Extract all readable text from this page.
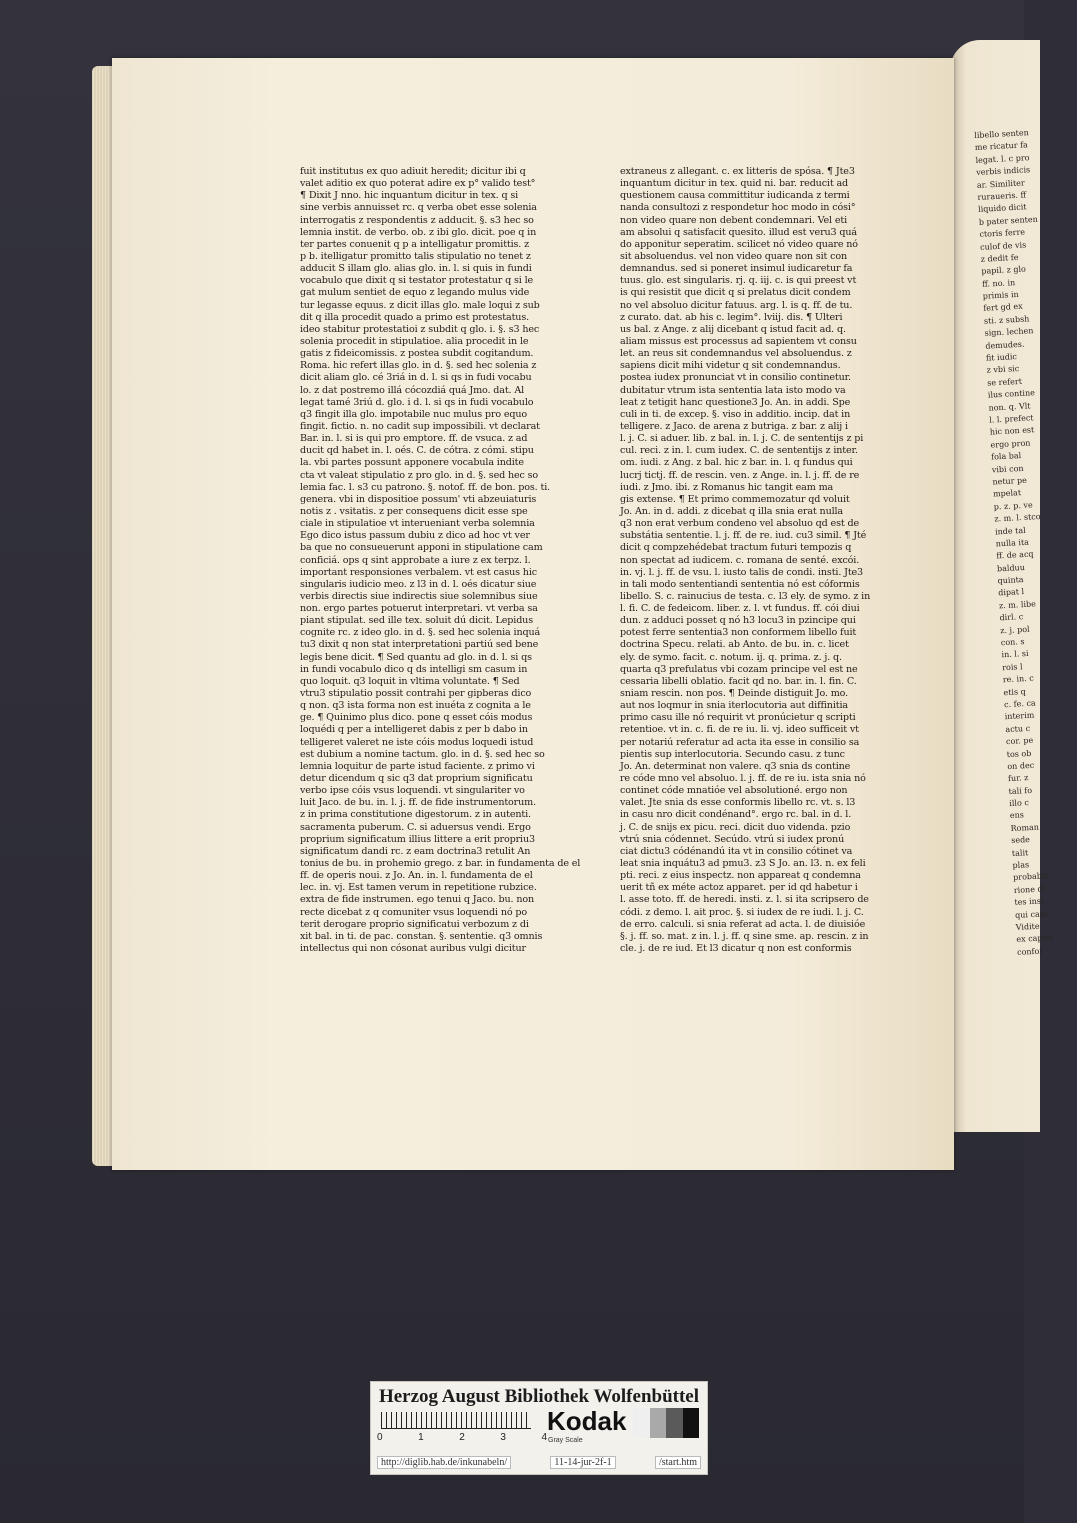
libello senten
me ricatur fa
legat. l. c pro
verbis indicis
ar. Similiter
ruraueris. ff
liquido dicit
b pater senten
ctoris ferre
culof de vis
z dedit fe
papil. z glo
ff. no. in
primis in
fert gd ex
sti. z subsh
sign. lechen
demudes.
fit iudic
z vbi sic
se refert
ilus contine
non. q. Vlt
l. l. prefect
hic non est
ergo pron
fola bal
vibi con
netur pe
mpelat
p. z. p. ve
z. m. l. stco
inde tal
nulla ita
ff. de acq
balduu
quinta
dipat l
z. m. libe
dirl. c
z. j. pol
con. s
in. l. si
rois l
re. in. c
etis q
c. fe. ca
interim
actu c
cor. pe
tos ob
on dec
fur. z
tali fo
illo c
ens
Roman
sede
talit
plas
probabit
rione di
tes inst
qui capi
Vidite
ex capite
confor
fuit institutus ex quo adiuit heredit; dicitur ibi q
valet aditio ex quo poterat adire ex p° valido test°
¶ Dixit J nno. hic inquantum dicitur in tex. q si
sine verbis annuisset rc. q verba obet esse solenia
interrogatis z respondentis z adducit. §. s3 hec so
lemnia instit. de verbo. ob. z ibi glo. dicit. poe q in
ter partes conuenit q p a intelligatur promittis. z
p b. itelligatur promitto talis stipulatio no tenet z
adducit S illam glo. alias glo. in. l. si quis in fundi
vocabulo que dixit q si testator protestatur q si le
gat mulum sentiet de equo z legando mulus vide
tur legasse equus. z dicit illas glo. male loqui z sub
dit q illa procedit quado a primo est protestatus.
ideo stabitur protestatioi z subdit q glo. i. §. s3 hec
solenia procedit in stipulatioe. alia procedit in le
gatis z fideicomissis. z postea subdit cogitandum.
Roma. hic refert illas glo. in d. §. sed hec solenia z
dicit aliam glo. cé 3riá in d. l. si qs in fudi vocabu
lo. z dat postremo illá cócozdiá quá Jmo. dat. Al
legat tamé 3riú d. glo. i d. l. si qs in fudi vocabulo
q3 fingit illa glo. impotabile nuc mulus pro equo
fingit. fictio. n. no cadit sup impossibili. vt declarat
Bar. in. l. si is qui pro emptore. ff. de vsuca. z ad
ducit qd habet in. l. oés. C. de cótra. z cómi. stipu
la. vbi partes possunt apponere vocabula indite
cta vt valeat stipulatio z pro glo. in d. §. sed hec so
lemia fac. l. s3 cu patrono. §. notof. ff. de bon. pos. ti.
genera. vbi in dispositioe possum' vti abzeuiaturis
notis z . vsitatis. z per consequens dicit esse spe
ciale in stipulatioe vt interueniant verba solemnia
Ego dico istus passum dubiu z dico ad hoc vt ver
ba que no consueuerunt apponi in stipulatione cam
conficiá. ops q sint approbate a iure z ex terpz. l.
important responsiones verbalem. vt est casus hic
singularis iudicio meo. z l3 in d. l. oés dicatur siue
verbis directis siue indirectis siue solemnibus siue
non. ergo partes potuerut interpretari. vt verba sa
piant stipulat. sed ille tex. soluit dú dicit. Lepidus
cognite rc. z ideo glo. in d. §. sed hec solenia inquá
tu3 dixit q non stat interpretationi partiú sed bene
legis bene dicit. ¶ Sed quantu ad glo. in d. l. si qs
in fundi vocabulo dico q ds intelligi sm casum in
quo loquit. q3 loquit in vltima voluntate. ¶ Sed
vtru3 stipulatio possit contrahi per gipberas dico
q non. q3 ista forma non est inuéta z cognita a le
ge. ¶ Quinimo plus dico. pone q esset cóis modus
loquédi q per a intelligeret dabis z per b dabo in
telligeret valeret ne iste cóis modus loquedi istud
est dubium a nomine tactum. glo. in d. §. sed hec so
lemnia loquitur de parte istud faciente. z primo vi
detur dicendum q sic q3 dat proprium significatu
verbo ipse cóis vsus loquendi. vt singulariter vo
luit Jaco. de bu. in. l. j. ff. de fide instrumentorum.
z in prima constitutione digestorum. z in autenti.
sacramenta puberum. C. si aduersus vendi. Ergo
proprium significatum illius littere a erit propriu3
significatum dandi rc. z eam doctrina3 retulit An
tonius de bu. in prohemio grego. z bar. in fundamenta de el
ff. de operis noui. z Jo. An. in. l. fundamenta de el
lec. in. vj. Est tamen verum in repetitione rubzice.
extra de fide instrumen. ego tenui q Jaco. bu. non
recte dicebat z q comuniter vsus loquendi nó po
terit derogare proprio significatui verbozum z di
xit bal. in ti. de pac. constan. §. sententie. q3 omnis
intellectus qui non cósonat auribus vulgi dicitur
extraneus z allegant. c. ex litteris de spósa. ¶ Jte3
inquantum dicitur in tex. quid ni. bar. reducit ad
questionem causa committitur iudicanda z termi
nanda consultozi z respondetur hoc modo in cósi°
non video quare non debent condemnari. Vel eti
am absolui q satisfacit quesito. illud est veru3 quá
do apponitur seperatim. scilicet nó video quare nó
sit absoluendus. vel non video quare non sit con
demnandus. sed si poneret insimul iudicaretur fa
tuus. glo. est singularis. rj. q. iij. c. is qui preest vt
is qui resistit que dicit q si prelatus dicit condem
no vel absoluo dicitur fatuus. arg. l. is q. ff. de tu.
z curato. dat. ab his c. legim°. lviij. dis. ¶ Ulteri
us bal. z Ange. z alij dicebant q istud facit ad. q.
aliam missus est processus ad sapientem vt consu
let. an reus sit condemnandus vel absoluendus. z
sapiens dicit mihi videtur q sit condemnandus.
postea iudex pronunciat vt in consilio continetur.
dubitatur vtrum ista sententia lata isto modo va
leat z tetigit hanc questione3 Jo. An. in addi. Spe
culi in ti. de excep. §. viso in additio. incip. dat in
telligere. z Jaco. de arena z butriga. z bar. z alij i
l. j. C. si aduer. lib. z bal. in. l. j. C. de sententijs z pi
cul. reci. z in. l. cum iudex. C. de sententijs z inter.
om. iudi. z Ang. z bal. hic z bar. in. l. q fundus qui
lucrj tictj. ff. de rescin. ven. z Ange. in. l. j. ff. de re
iudi. z Jmo. ibi. z Romanus hic tangit eam ma
gis extense. ¶ Et primo commemozatur qd voluit
Jo. An. in d. addi. z dicebat q illa snia erat nulla
q3 non erat verbum condeno vel absoluo qd est de
substátia sententie. l. j. ff. de re. iud. cu3 simil. ¶ Jté
dicit q compzehédebat tractum futuri tempozis q
non spectat ad iudicem. c. romana de senté. excói.
in. vj. l. j. ff. de vsu. l. iusto talis de condi. insti. Jte3
in tali modo sententiandi sententia nó est cóformis
libello. S. c. rainucius de testa. c. l3 ely. de symo. z in
l. fi. C. de fedeicom. liber. z. l. vt fundus. ff. cói diui
dun. z adduci posset q nó h3 locu3 in pzincipe qui
potest ferre sententia3 non conformem libello fuit
doctrina Specu. relati. ab Anto. de bu. in. c. licet
ely. de symo. facit. c. notum. ij. q. prima. z. j. q.
quarta q3 prefulatus vbi cozam principe vel est ne
cessaria libelli oblatio. facit qd no. bar. in. l. fin. C.
sniam rescin. non pos. ¶ Deinde distiguit Jo. mo.
aut nos loqmur in snia iterlocutoria aut diffinitia
primo casu ille nó requirit vt pronúcietur q scripti
retentioe. vt in. c. fi. de re iu. li. vj. ideo sufficeit vt
per notariú referatur ad acta ita esse in consilio sa
pientis sup interlocutoria. Secundo casu. z tunc
Jo. An. determinat non valere. q3 snia ds contine
re códe mno vel absoluo. l. j. ff. de re iu. ista snia nó
continet códe mnatióe vel absolutioné. ergo non
valet. Jte snia ds esse conformis libello rc. vt. s. l3
in casu nro dicit condénand°. ergo rc. bal. in d. l.
j. C. de snijs ex picu. reci. dicit duo videnda. pzio
vtrú snia códennet. Secúdo. vtrú si iudex pronú
ciat dictu3 códénandú ita vt in consilio cótinet va
leat snia inquátu3 ad pmu3. z3 S Jo. an. l3. n. ex feli
pti. reci. z eius inspectz. non appareat q condemna
uerit tñ ex méte actoz apparet. per id qd habetur i
l. asse toto. ff. de heredi. insti. z. l. si ita scripsero de
códi. z demo. l. ait proc. §. si iudex de re iudi. l. j. C.
de erro. calculi. si snia referat ad acta. l. de diuisióe
§. j. ff. so. mat. z in. l. j. ff. q sine sme. ap. rescin. z in
cle. j. de re iud. Et l3 dicatur q non est conformis
Herzog August Bibliothek Wolfenbüttel
0	1	2	3	4
Kodak
Gray Scale
http://diglib.hab.de/inkunabeln/	11-14-jur-2f-1	/start.htm
